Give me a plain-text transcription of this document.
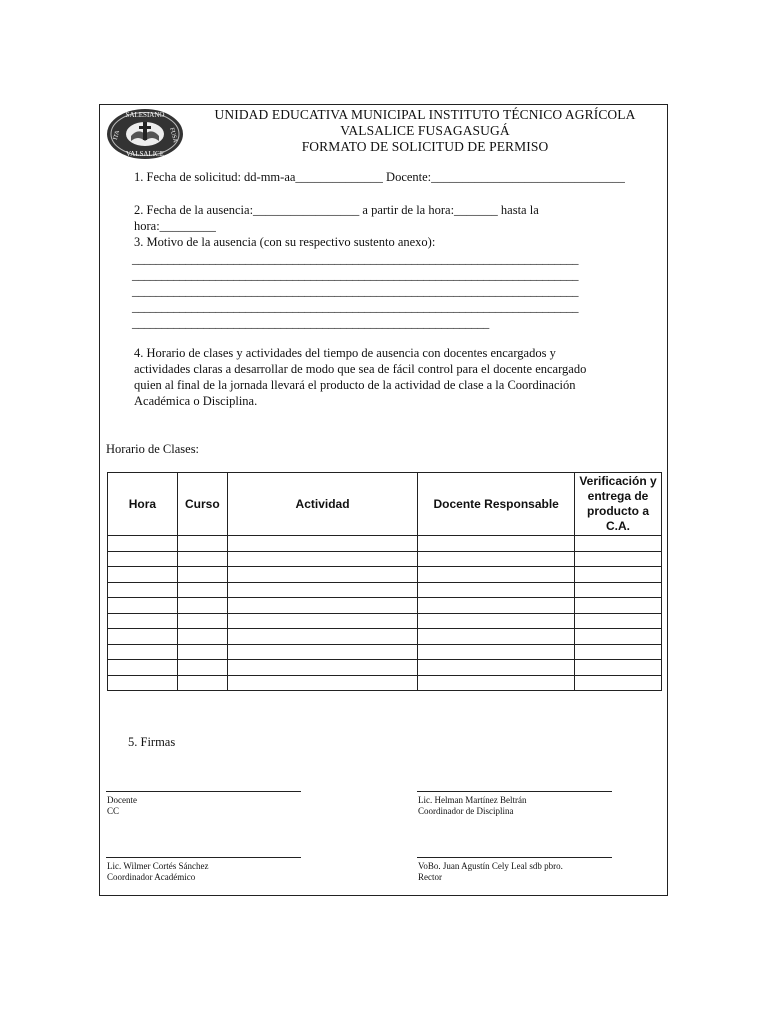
SALESIANO
VALSALICE
ITA	FUSA
UNIDAD EDUCATIVA MUNICIPAL INSTITUTO TÉCNICO AGRÍCOLA
VALSALICE FUSAGASUGÁ
FORMATO DE SOLICITUD DE PERMISO
1. Fecha de solicitud: dd-mm-aa______________ Docente:_______________________________
2. Fecha de la ausencia:_________________ a partir de la hora:_______ hasta la
hora:_________
3. Motivo de la ausencia (con su respectivo sustento anexo):
___________________________________________________________________________
___________________________________________________________________________
___________________________________________________________________________
___________________________________________________________________________
____________________________________________________________
4. Horario de clases y actividades del tiempo de ausencia con docentes encargados y
actividades claras a desarrollar de modo que sea de fácil control para el docente encargado
quien al final de la jornada llevará el producto de la actividad de clase a la Coordinación
Académica o Disciplina.
Horario de Clases:
Hora	Curso	Actividad	Docente Responsable	Verificación y entrega de producto a C.A.

5. Firmas
Docente
CC
Lic. Helman Martínez Beltrán
Coordinador de Disciplina
Lic. Wilmer Cortés Sánchez
Coordinador Académico
VoBo. Juan Agustín Cely Leal sdb pbro.
Rector
